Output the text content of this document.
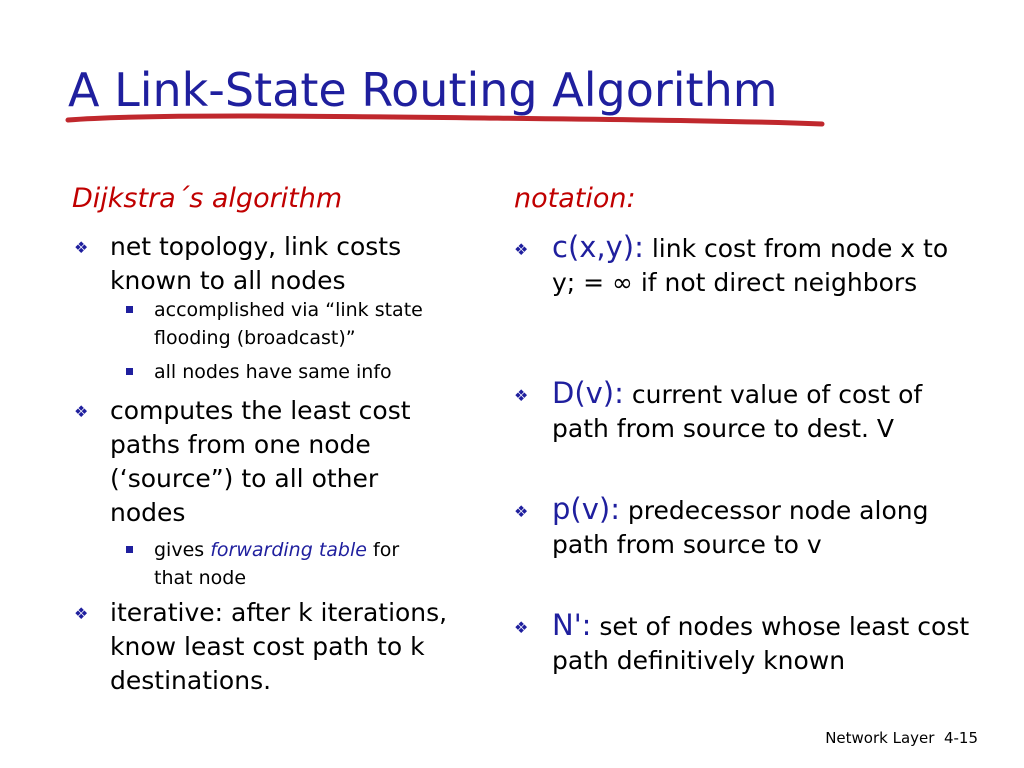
A Link-State Routing Algorithm
Dijkstra´s algorithm
❖ net topology, link costs known to all nodes
accomplished via “link state flooding (broadcast)”
all nodes have same info
❖ computes the least cost paths from one node (‘source”) to all other nodes
gives forwarding table for
that node
❖ iterative: after k iterations, know least cost path to k destinations.
notation:
❖ c(x,y): link cost from node x to y; = ∞ if not direct neighbors
❖ D(v): current value of cost of path from source to dest. V
❖ p(v): predecessor node along path from source to v
❖ N': set of nodes whose least cost path definitively known
Network Layer 4-15
